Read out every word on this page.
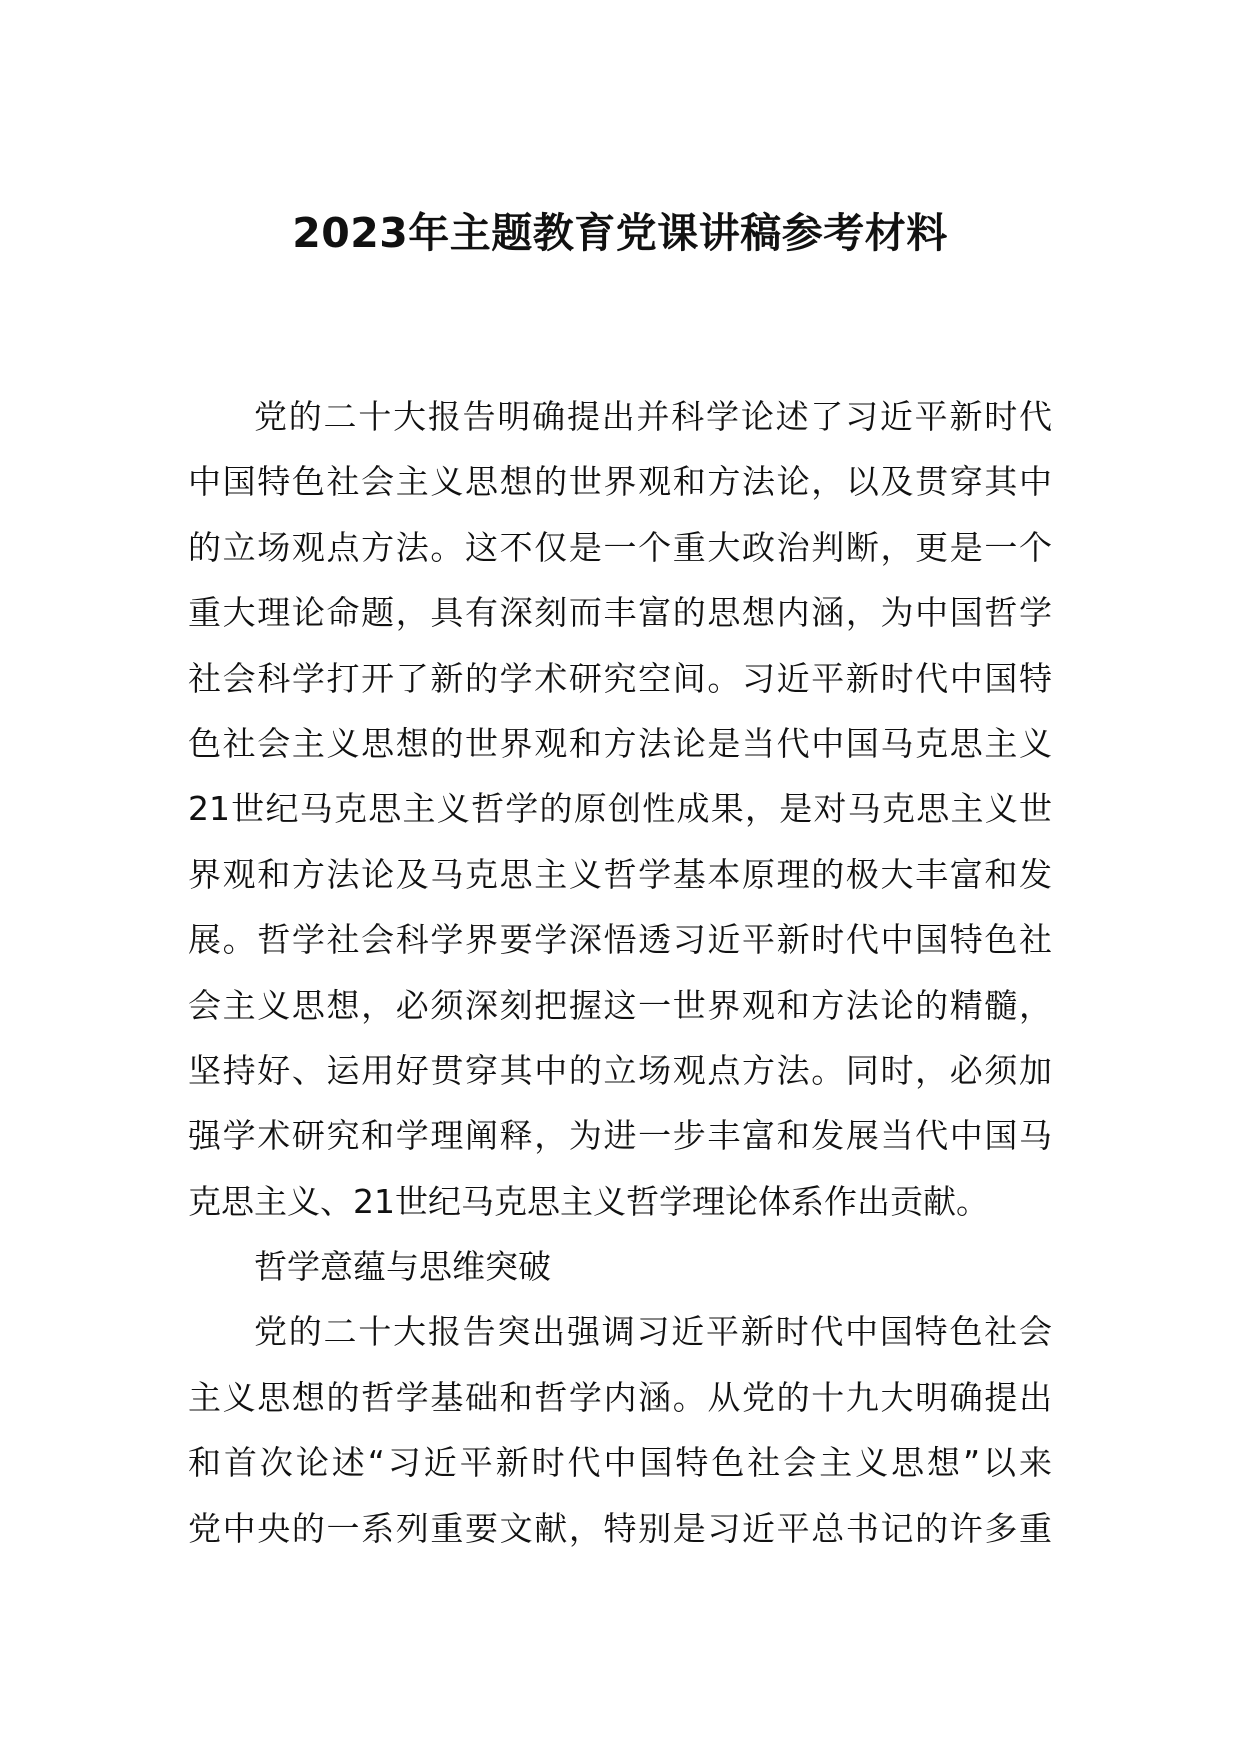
2023年主题教育党课讲稿参考材料
党的二十大报告明确提出并科学论述了习近平新时代
中国特色社会主义思想的世界观和方法论，以及贯穿其中
的立场观点方法。这不仅是一个重大政治判断，更是一个
重大理论命题，具有深刻而丰富的思想内涵，为中国哲学
社会科学打开了新的学术研究空间。习近平新时代中国特
色社会主义思想的世界观和方法论是当代中国马克思主义
21世纪马克思主义哲学的原创性成果，是对马克思主义世
界观和方法论及马克思主义哲学基本原理的极大丰富和发
展。哲学社会科学界要学深悟透习近平新时代中国特色社
会主义思想，必须深刻把握这一世界观和方法论的精髓，
坚持好、运用好贯穿其中的立场观点方法。同时，必须加
强学术研究和学理阐释，为进一步丰富和发展当代中国马
克思主义、21世纪马克思主义哲学理论体系作出贡献。
哲学意蕴与思维突破
党的二十大报告突出强调习近平新时代中国特色社会
主义思想的哲学基础和哲学内涵。从党的十九大明确提出
和首次论述“习近平新时代中国特色社会主义思想”以来
党中央的一系列重要文献，特别是习近平总书记的许多重
